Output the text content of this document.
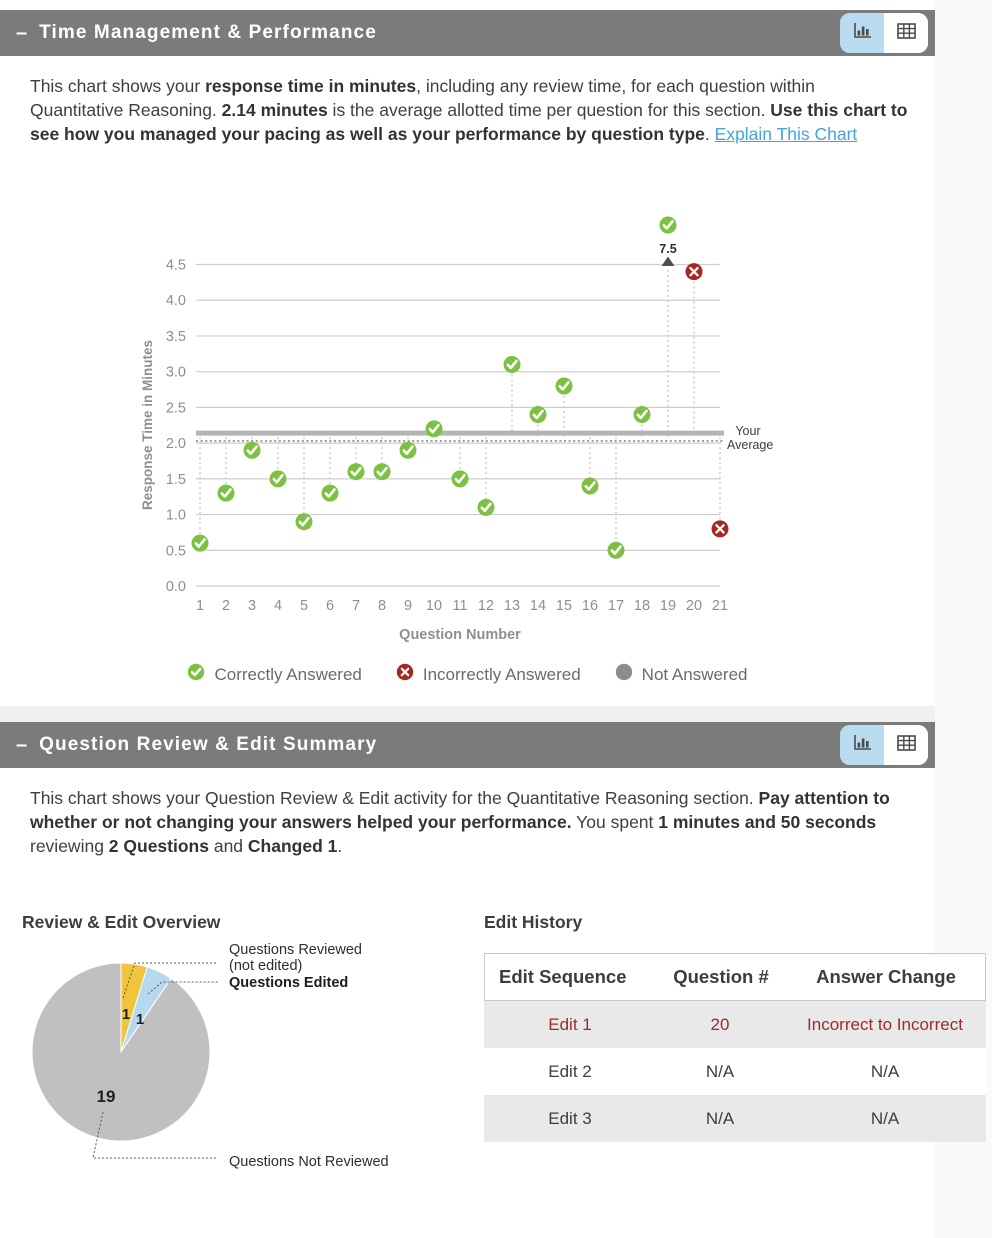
– Time Management & Performance
This chart shows your response time in minutes, including any review time, for each question within Quantitative Reasoning. 2.14 minutes is the average allotted time per question for this section. Use this chart to see how you managed your pacing as well as your performance by question type. Explain This Chart
0.0
0.5
1.0
1.5
2.0
2.5
3.0
3.5
4.0
4.5
1 2 3 4 5 6 7 8 9 10 11 12 13 14 15 16 17 18 19 20 21
Question Number
Response Time in Minutes
7.5
Your Average
Correctly Answered	Incorrectly Answered	Not Answered
– Question Review & Edit Summary
This chart shows your Question Review & Edit activity for the Quantitative Reasoning section. Pay attention to whether or not changing your answers helped your performance. You spent 1 minutes and 50 seconds reviewing 2 Questions and Changed 1.
Review & Edit Overview
Questions Reviewed
(not edited)
Questions Edited
Questions Not Reviewed
1 1
19
Edit History
Edit Sequence	Question #	Answer Change
Edit 1	20	Incorrect to Incorrect
Edit 2	N/A	N/A
Edit 3	N/A	N/A
